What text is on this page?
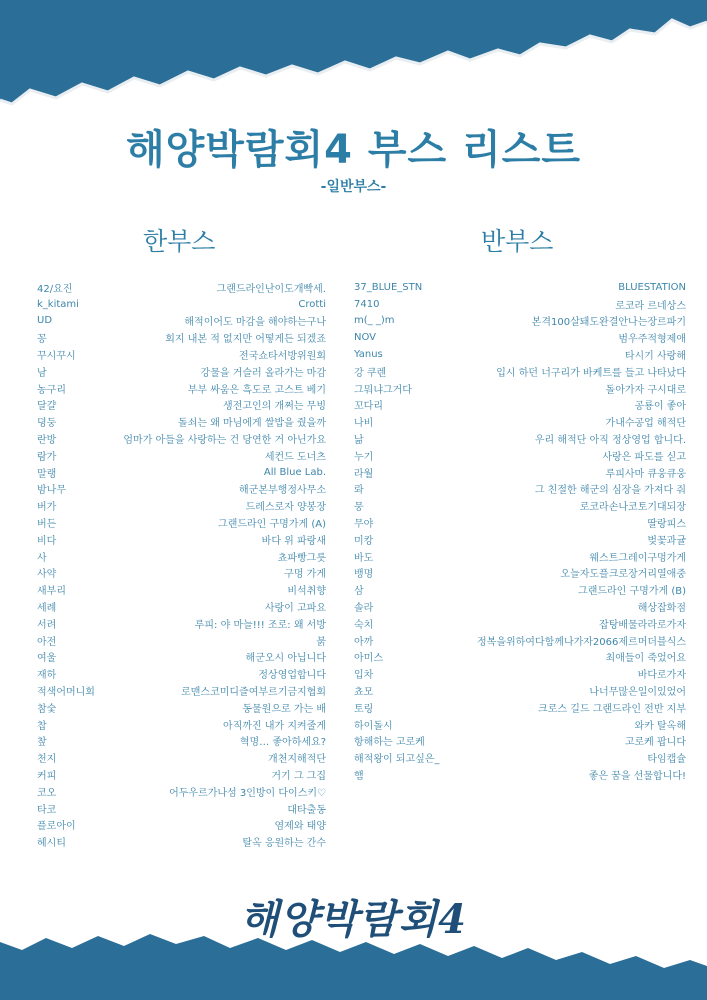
해양박람회4 부스 리스트
-일반부스-
한부스	반부스
42/요진	그랜드라인난이도개빡세.
k_kitami	Crotti
UD	해적이어도 마감을 해야하는구나
꽁	회지 내본 적 없지만 어떻게든 되겠죠
꾸시꾸시	전국쇼타서방위원회
남	강물을 거슬러 올라가는 마감
농구리	부부 싸움은 흑도로 고스트 베기
달걀	생전고인의 개쩌는 무빙
뎡둥	돌쇠는 왜 마님에게 쌀밥을 줬을까
란방	엄마가 아들을 사랑하는 건 당연한 거 아닌가요
람가	세컨드 도너츠
말랭	All Blue Lab.
밤나무	해군본부행정사무소
버가	드레스로자 양봉장
버든	그랜드라인 구명가게 (A)
비다	바다 위 파랑새
사	쵸파빵그릇
사약	구멍 가게
새부리	비석취향
세례	사랑이 고파요
서려	루피: 야 마늘!!! 조로: 왜 서방
아전	붉
여울	해군오시 아닙니다
재하	정상영업합니다
적색어머니회	로맨스코미디즐여부르기금지협회
참숯	동물원으로 가는 배
찹	아직까진 내가 지켜줄게
챂	혁명… 좋아하세요?
천지	개천지해적단
커피	거기 그 그집
코오	어두우르가나섬 3인방이 다이스키♡
타코	대타출동
플로아이	염제와 태양
헤시티	탈옥 응원하는 간수
37_BLUE_STN	BLUESTATION
7410	로코라 르네상스
m(_ _)m	본격100살돼도완결안나는장르파기
NOV	범우주적형제애
Yanus	타시기 사랑해
강 쿠렌	입시 하던 너구리가 바케트를 들고 나타났다
그뭐냐그거다	돌아가자 구시대로
꼬다리	공룡이 좋아
나비	가내수공업 해적단
낢	우리 해적단 아직 정상영업 합니다.
누기	사랑은 파도를 싣고
라월	루피사마 큐웅큐웅
롸	그 친절한 해군의 심장을 가져다 줘
뭉	로코라손나코토기대되장
무야	딸랑피스
미캉	벚꽃과귤
바도	웨스트그레이구멍가게
뱅명	오늘자도플크로장거리열애중
삼	그랜드라인 구명가게 (B)
솔라	해상잡화점
숙치	잡탕배물라라로가자
아까	정복을위하여다함께나가자2066제르머더블식스
아미스	최애들이 죽었어요
입차	바다로가자
쵸모	나너무많은일이있었어
토링	크로스 길드 그랜드라인 전반 지부
하이돌시	와카 탈옥해
항해하는 고로케	고로케 팝니다
해적왕이 되고싶은_	타임캡슐
햄	좋은 꿈을 선물합니다!
해양박람회4
